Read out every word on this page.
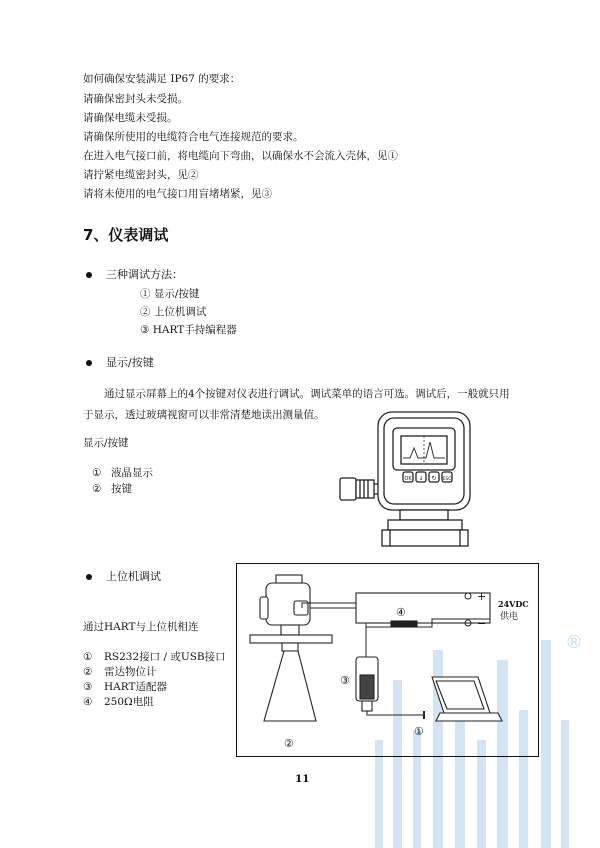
如何确保安装满足 IP67 的要求：
请确保密封头未受损。
请确保电缆未受损。
请确保所使用的电缆符合电气连接规范的要求。
在进入电气接口前，将电缆向下弯曲，以确保水不会流入壳体，见①
请拧紧电缆密封头，见②
请将未使用的电气接口用盲堵堵紧，见③
7、仪表调试
三种调试方法：
① 显示/按键
② 上位机调试
③ HART手持编程器
显示/按键
通过显示屏幕上的4个按键对仪表进行调试。调试菜单的语言可选。调试后，一般就只用
于显示，透过玻璃视窗可以非常清楚地读出测量值。
显示/按键
① 液晶显示
② 按键
OK ↓ ↻ ESC
上位机调试
通过HART与上位机相连
① RS232接口 / 或USB接口
② 雷达物位计
③ HART适配器
④ 250Ω电阻
®
+
−
24VDC
供电
④
③
②
①
11
